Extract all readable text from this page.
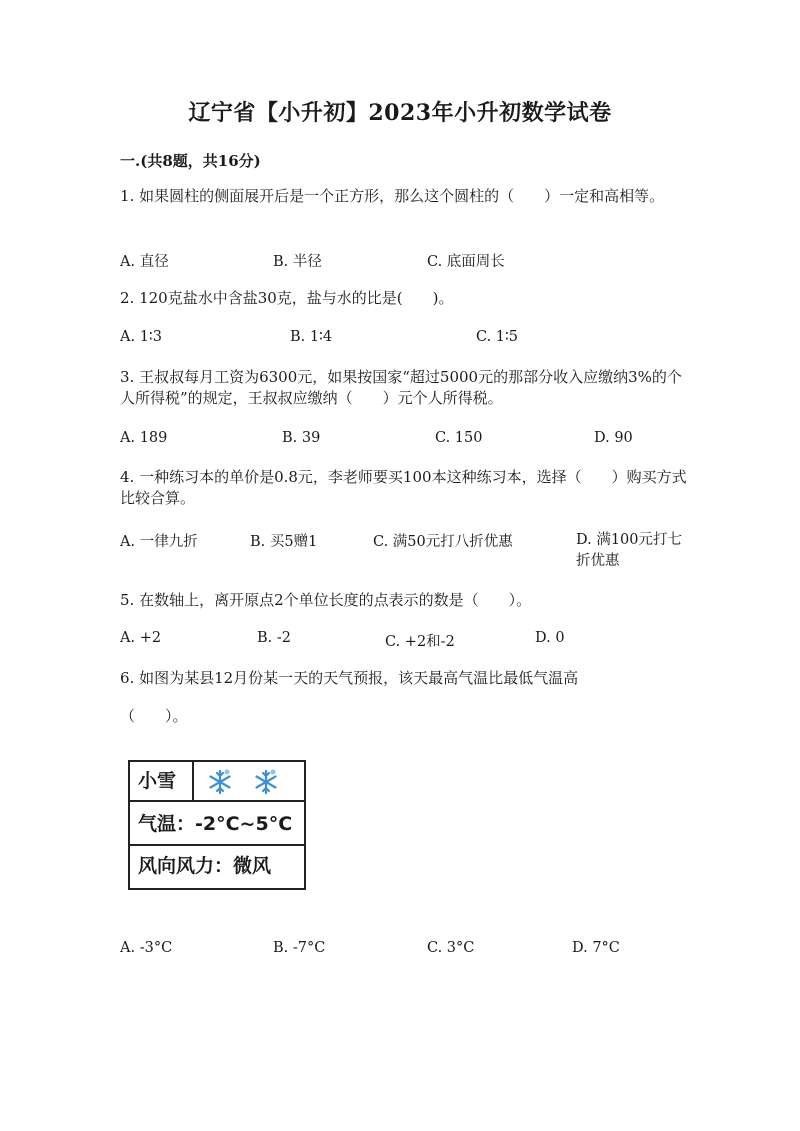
辽宁省【小升初】2023年小升初数学试卷
一.(共8题，共16分)
1. 如果圆柱的侧面展开后是一个正方形，那么这个圆柱的（　　）一定和高相等。
A. 直径	B. 半径	C. 底面周长
2. 120克盐水中含盐30克，盐与水的比是(　　)。
A. 1∶3	B. 1∶4	C. 1∶5
3. 王叔叔每月工资为6300元，如果按国家“超过5000元的那部分收入应缴纳3%的个人所得税”的规定，王叔叔应缴纳（　　）元个人所得税。
A. 189	B. 39	C. 150	D. 90
4. 一种练习本的单价是0.8元，李老师要买100本这种练习本，选择（　　）购买方式比较合算。
A. 一律九折	B. 买5赠1	C. 满50元打八折优惠	D. 满100元打七折优惠
5. 在数轴上，离开原点2个单位长度的点表示的数是（　　）。
A. +2	B. -2	C. +2和-2	D. 0
6. 如图为某县12月份某一天的天气预报，该天最高气温比最低气温高
（　　）。
小雪
气温：-2°C~5°C
风向风力：微风
A. -3°C	B. -7°C	C. 3°C	D. 7°C
